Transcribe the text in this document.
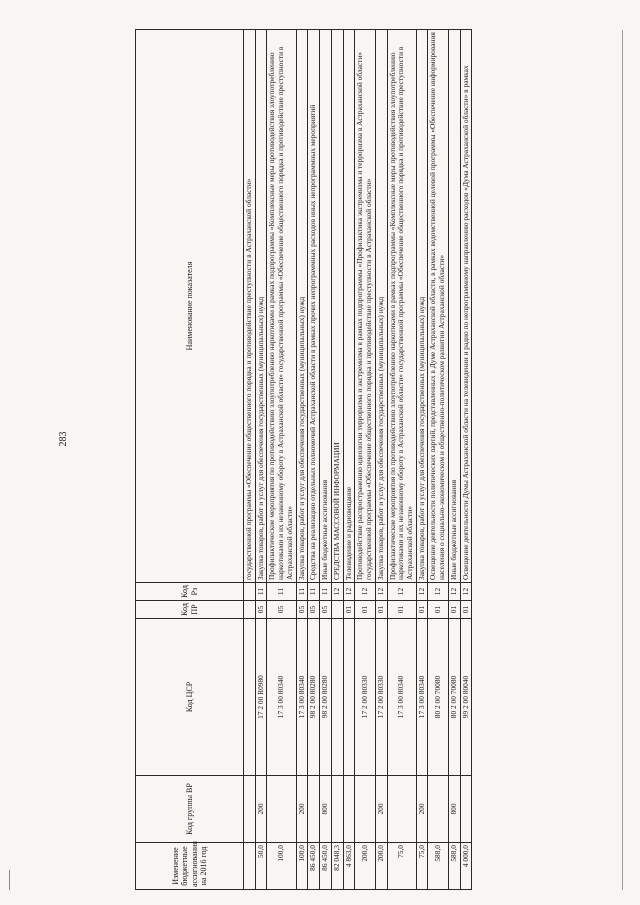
283
Изменение бюджетные ассигнования на 2016 год	Код группы ВР	Код ЦСР	Код ПР	Код Рз	Наименование показателя
					государственной программы «Обеспечение общественного порядка и противодействие преступности в Астраханской области»
50,0	200	17 2 00 R0980	05	11	Закупка товаров, работ и услуг для обеспечения государственных (муниципальных) нужд
100,0		17 3 00 80340	05	11	Профилактические мероприятия по противодействию злоупотреблению наркотиками в рамках подпрограммы «Комплексные меры противодействия злоупотреблению наркотиками и их незаконному обороту в Астраханской области» государственной программы «Обеспечение общественного порядка и противодействие преступности в Астраханской области»
100,0	200	17 3 00 80340	05	11	Закупка товаров, работ и услуг для обеспечения государственных (муниципальных) нужд
86 450,0		98 2 00 80280	05	11	Средства на реализацию отдельных полномочий Астраханской области в рамках прочих непрограммных расходов иных непрограммных мероприятий
86 450,0	800	98 2 00 80280	05	11	Иные бюджетные ассигнования
82 048,3				12	СРЕДСТВА МАССОВОЙ ИНФОРМАЦИИ
4 863,0			01	12	Телевидение и радиовещание
200,0		17 2 00 80330	01	12	Противодействие распространению идеологии терроризма и экстремизма в рамках подпрограммы «Профилактика экстремизма и терроризма в Астраханской области» государственной программы «Обеспечение общественного порядка и противодействие преступности в Астраханской области»
200,0	200	17 2 00 80330	01	12	Закупка товаров, работ и услуг для обеспечения государственных (муниципальных) нужд
75,0		17 3 00 80340	01	12	Профилактические мероприятия по противодействию злоупотреблению наркотиками в рамках подпрограммы «Комплексные меры противодействия злоупотреблению наркотиками и их незаконному обороту в Астраханской области» государственной программы «Обеспечение общественного порядка и противодействие преступности в Астраханской области»
75,0	200	17 3 00 80340	01	12	Закупка товаров, работ и услуг для обеспечения государственных (муниципальных) нужд
588,0		80 2 00 70080	01	12	Освещение деятельности политических партий, представленных в Думе Астраханской области, в рамках ведомственной целевой программы «Обеспечение информирования населения о социально-экономическом и общественно-политическом развитии Астраханской области»
588,0	800	80 2 00 70080	01	12	Иные бюджетные ассигнования
4 000,0		99 2 00 80040	01	12	Освещение деятельности Думы Астраханской области на телевидении и радио по непрограммному направлению расходов «Дума Астраханской области» в рамках
